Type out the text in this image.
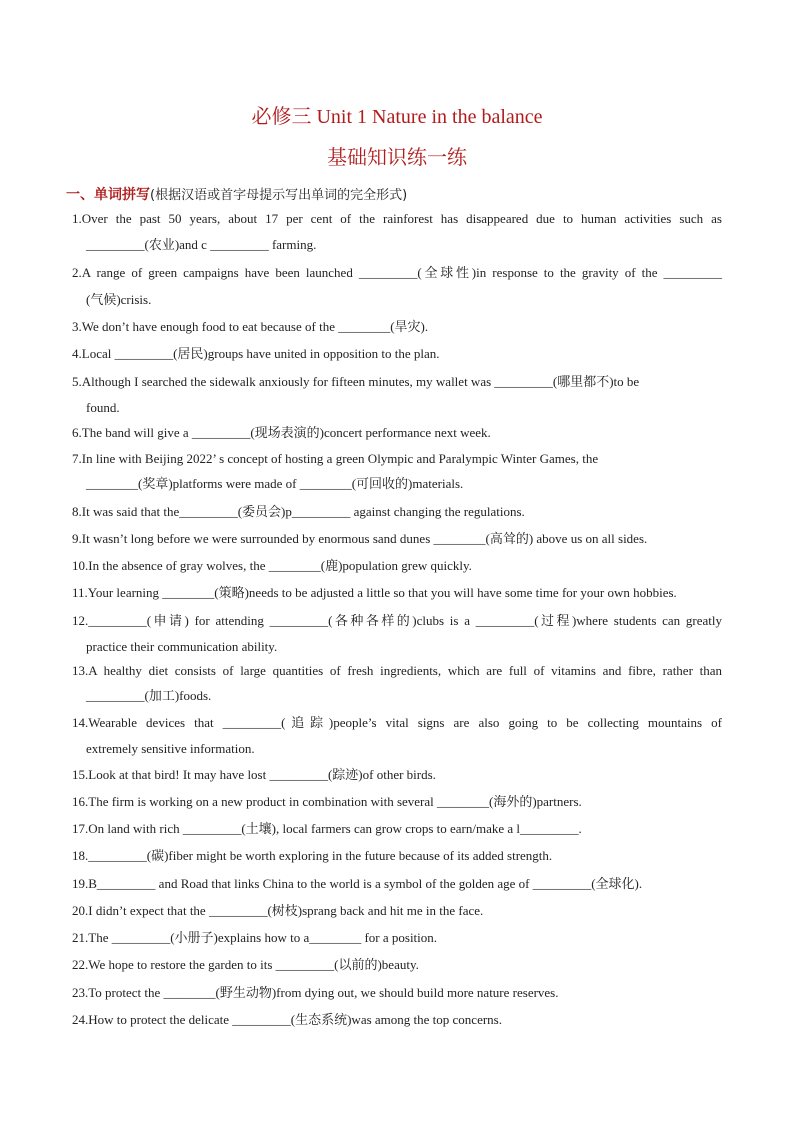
必修三 Unit 1 Nature in the balance
基础知识练一练
一、单词拼写(根据汉语或首字母提示写出单词的完全形式)
1.Over the past 50 years, about 17 per cent of the rainforest has disappeared due to human activities such as
_________(农业)and c _________ farming.
2.A range of green campaigns have been launched _________(全球性)in response to the gravity of the _________
(气候)crisis.
3.We don’t have enough food to eat because of the ________(旱灾).
4.Local _________(居民)groups have united in opposition to the plan.
5.Although I searched the sidewalk anxiously for fifteen minutes, my wallet was _________(哪里都不)to be
found.
6.The band will give a _________(现场表演的)concert performance next week.
7.In line with Beijing 2022’ s concept of hosting a green Olympic and Paralympic Winter Games, the
________(奖章)platforms were made of ________(可回收的)materials.
8.It was said that the_________(委员会)p_________ against changing the regulations.
9.It wasn’t long before we were surrounded by enormous sand dunes ________(高耸的) above us on all sides.
10.In the absence of gray wolves, the ________(鹿)population grew quickly.
11.Your learning ________(策略)needs to be adjusted a little so that you will have some time for your own hobbies.
12._________(申请) for attending _________(各种各样的)clubs is a _________(过程)where students can greatly
practice their communication ability.
13.A healthy diet consists of large quantities of fresh ingredients, which are full of vitamins and fibre, rather than
_________(加工)foods.
14.Wearable devices that _________(追踪)people’s vital signs are also going to be collecting mountains of
extremely sensitive information.
15.Look at that bird! It may have lost _________(踪迹)of other birds.
16.The firm is working on a new product in combination with several ________(海外的)partners.
17.On land with rich _________(土壤), local farmers can grow crops to earn/make a l_________.
18._________(碳)fiber might be worth exploring in the future because of its added strength.
19.B_________ and Road that links China to the world is a symbol of the golden age of _________(全球化).
20.I didn’t expect that the _________(树枝)sprang back and hit me in the face.
21.The _________(小册子)explains how to a________ for a position.
22.We hope to restore the garden to its _________(以前的)beauty.
23.To protect the ________(野生动物)from dying out, we should build more nature reserves.
24.How to protect the delicate _________(生态系统)was among the top concerns.
